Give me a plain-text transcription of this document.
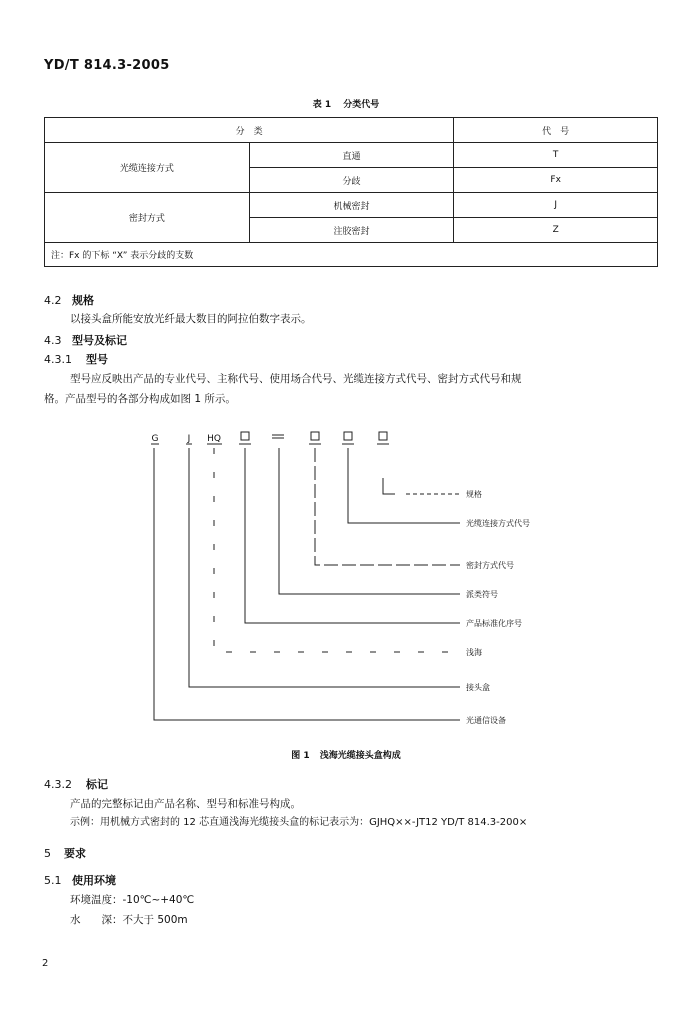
YD/T 814.3-2005
表 1 分类代号
分　类		代　号
光缆连接方式	直通	T
	分歧	Fx
密封方式	机械密封	J
	注胶密封	Z
注：Fx 的下标 “X” 表示分歧的支数		
4.2 规格
以接头盒所能安放光纤最大数目的阿拉伯数字表示。
4.3 型号及标记
4.3.1 型号
型号应反映出产品的专业代号、主称代号、使用场合代号、光缆连接方式代号、密封方式代号和规
格。产品型号的各部分构成如图 1 所示。
G	J HQ
规格
光缆连接方式代号
密封方式代号
派类符号
产品标准化序号
浅海
接头盒
光通信设备
图 1 浅海光缆接头盒构成
4.3.2 标记
产品的完整标记由产品名称、型号和标准号构成。
示例：用机械方式密封的 12 芯直通浅海光缆接头盒的标记表示为：GJHQ××-JT12 YD/T 814.3-200×
5 要求
5.1 使用环境
环境温度：-10℃~+40℃
水　　深：不大于 500m
2
